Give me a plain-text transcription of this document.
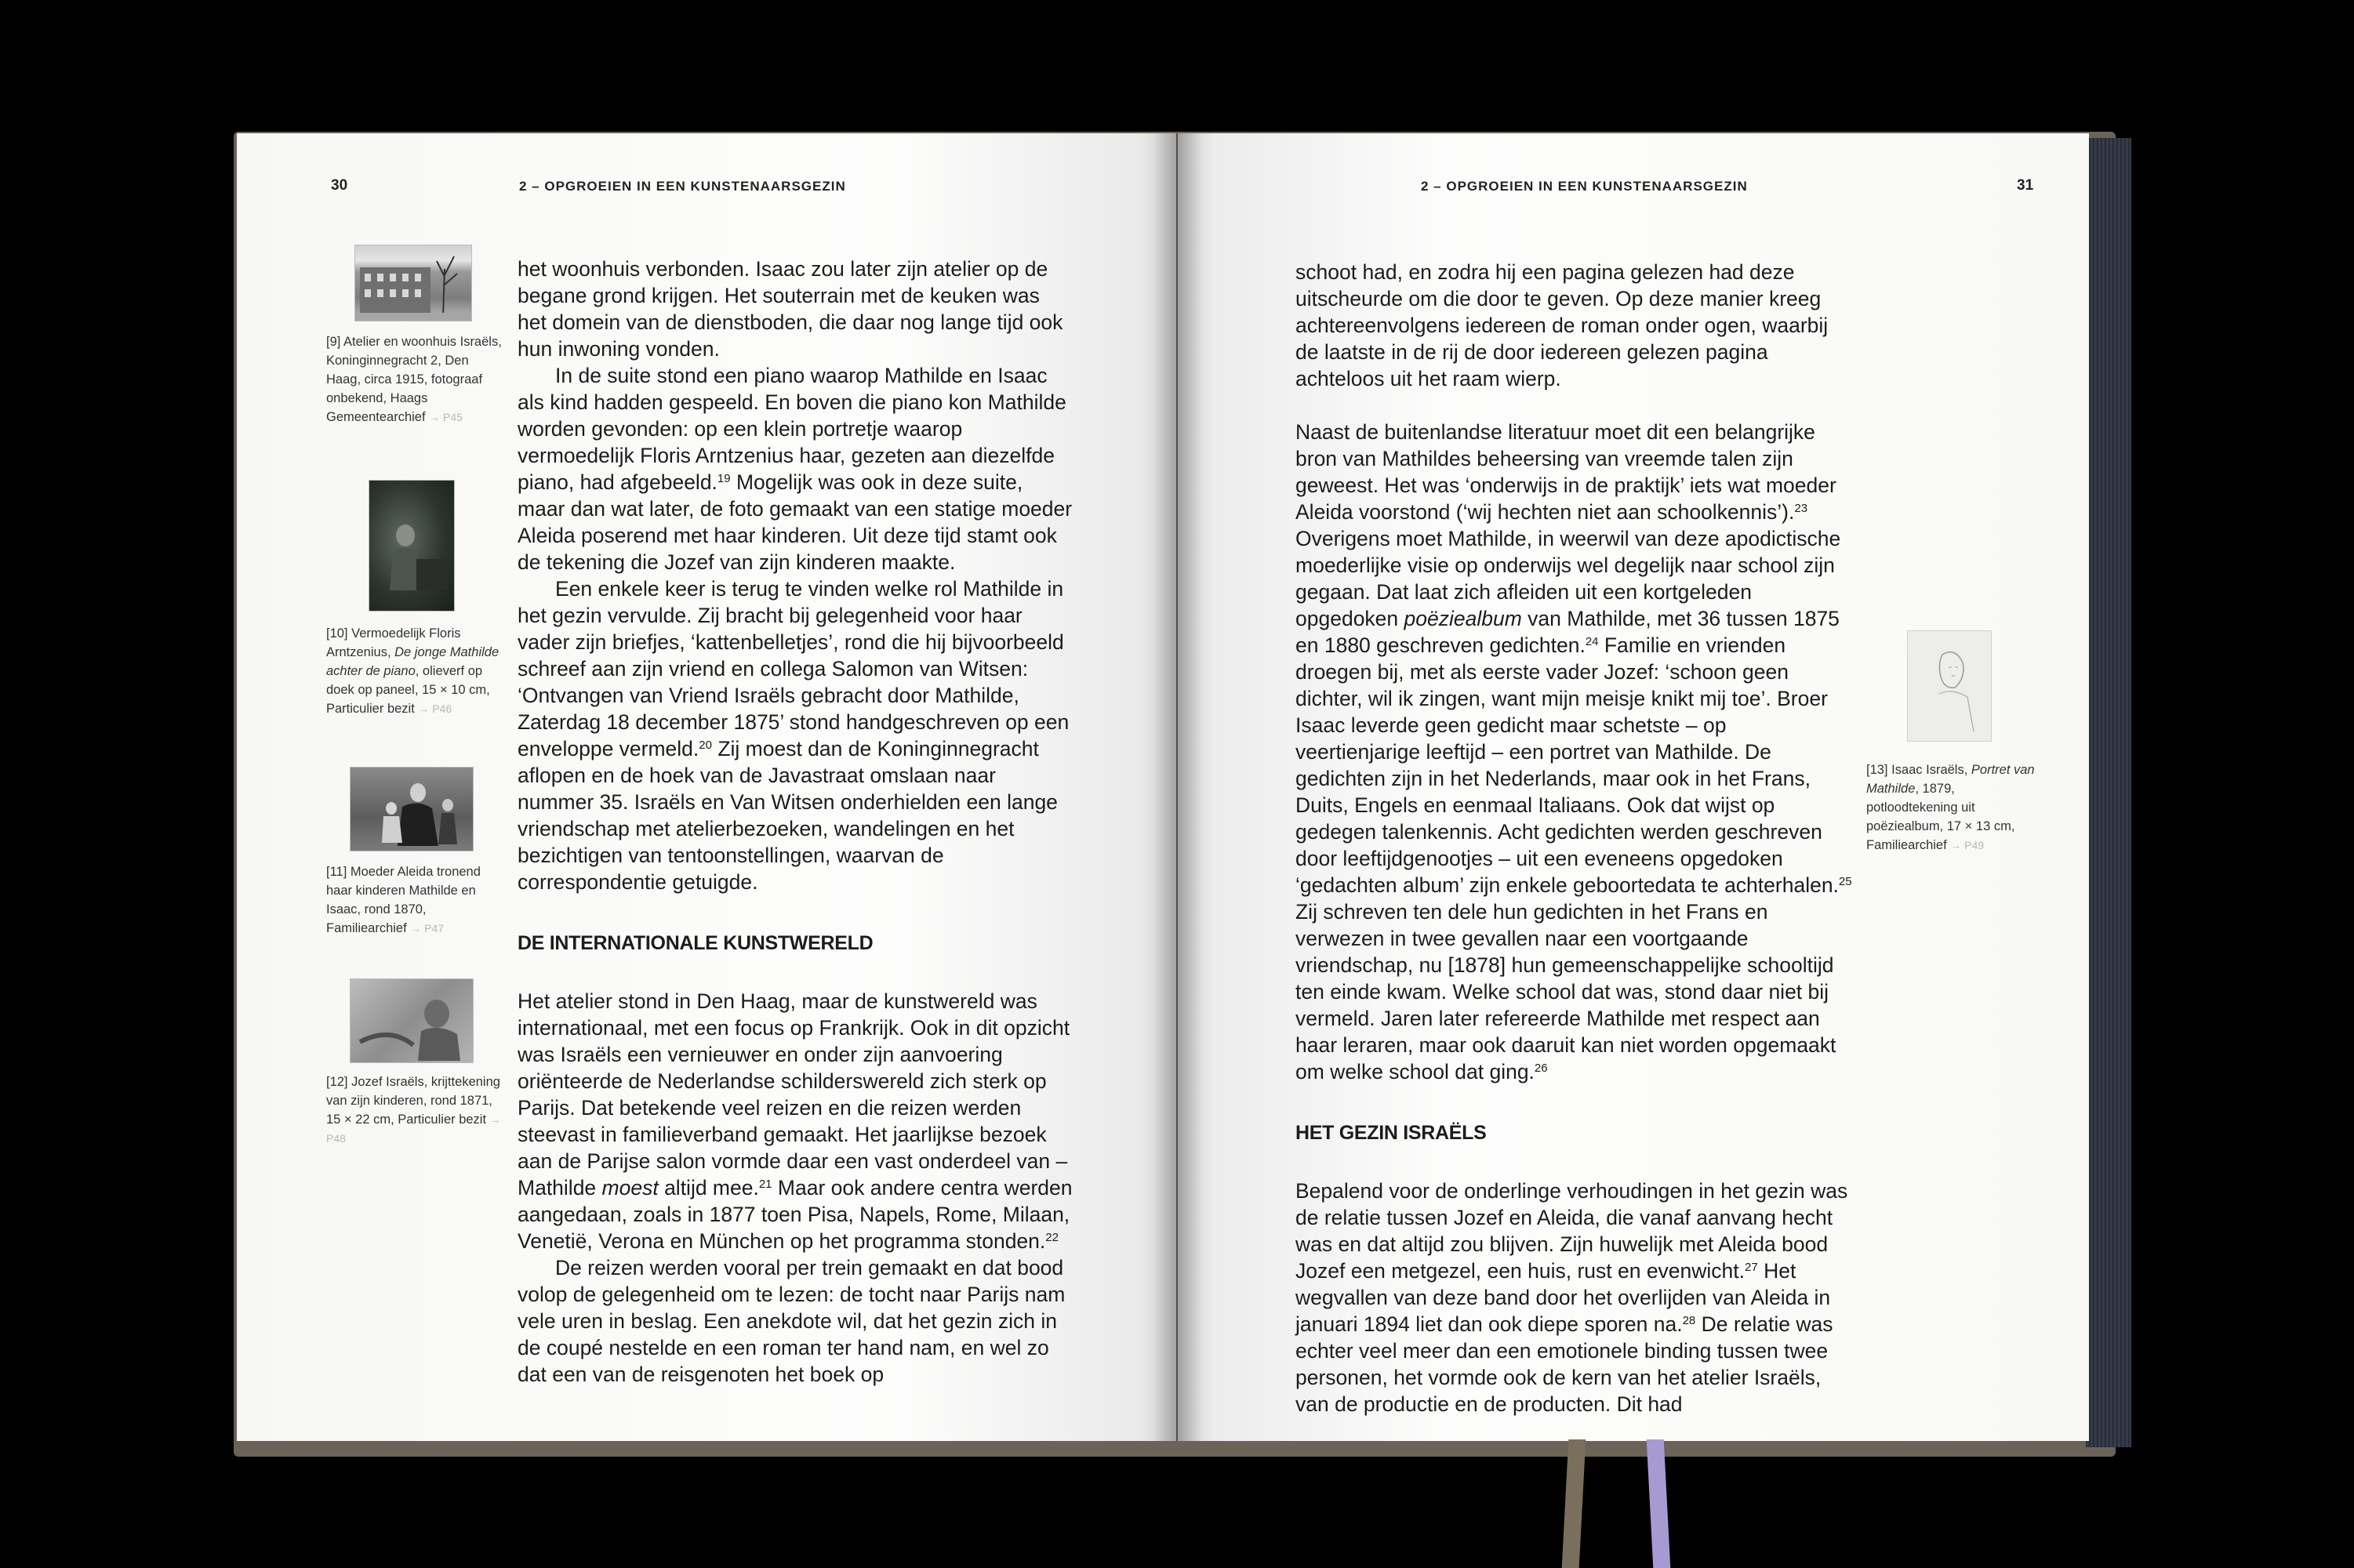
30	2 – OPGROEIEN IN EEN KUNSTENAARSGEZIN
[9] Atelier en woonhuis Israëls, Koninginnegracht 2, Den Haag, circa 1915, fotograaf onbekend, Haags Gemeentearchief → P45
[10] Vermoedelijk Floris Arntzenius, De jonge Mathilde achter de piano, olieverf op doek op paneel, 15 × 10 cm, Particulier bezit → P46
[11] Moeder Aleida tronend haar kinderen Mathilde en Isaac, rond 1870, Familiearchief → P47
[12] Jozef Israëls, krijttekening van zijn kinderen, rond 1871, 15 × 22 cm, Particulier bezit → P48

het woonhuis verbonden. Isaac zou later zijn atelier op de begane grond krijgen. Het souterrain met de keuken was het domein van de dienstboden, die daar nog lange tijd ook hun inwoning vonden.

In de suite stond een piano waarop Mathilde en Isaac als kind hadden gespeeld. En boven die piano kon Mathilde worden gevonden: op een klein portretje waarop vermoedelijk Floris Arntzenius haar, gezeten aan diezelfde piano, had afgebeeld.$^{19}$ Mogelijk was ook in deze suite, maar dan wat later, de foto gemaakt van een statige moeder Aleida poserend met haar kinderen. Uit deze tijd stamt ook de tekening die Jozef van zijn kinderen maakte.

Een enkele keer is terug te vinden welke rol Mathilde in het gezin vervulde. Zij bracht bij gelegenheid voor haar vader zijn briefjes, ‘kattenbelletjes’, rond die hij bijvoorbeeld schreef aan zijn vriend en collega Salomon van Witsen: ‘Ontvangen van Vriend Israëls gebracht door Mathilde, Zaterdag 18 december 1875’ stond handgeschreven op een enveloppe vermeld.$^{20}$ Zij moest dan de Koninginnegracht aflopen en de hoek van de Javastraat omslaan naar nummer 35. Israëls en Van Witsen onderhielden een lange vriendschap met atelierbezoeken, wandelingen en het bezichtigen van tentoonstellingen, waarvan de correspondentie getuigde.

DE INTERNATIONALE KUNSTWERELD

Het atelier stond in Den Haag, maar de kunstwereld was internationaal, met een focus op Frankrijk. Ook in dit opzicht was Israëls een vernieuwer en onder zijn aanvoering oriënteerde de Nederlandse schilderswereld zich sterk op Parijs. Dat betekende veel reizen en die reizen werden steevast in familieverband gemaakt. Het jaarlijkse bezoek aan de Parijse salon vormde daar een vast onderdeel van – Mathilde moest altijd mee.$^{21}$ Maar ook andere centra werden aangedaan, zoals in 1877 toen Pisa, Napels, Rome, Milaan, Venetië, Verona en München op het programma stonden.$^{22}$

De reizen werden vooral per trein gemaakt en dat bood volop de gelegenheid om te lezen: de tocht naar Parijs nam vele uren in beslag. Een anekdote wil, dat het gezin zich in de coupé nestelde en een roman ter hand nam, en wel zo dat een van de reisgenoten het boek op

2 – OPGROEIEN IN EEN KUNSTENAARSGEZIN	31

schoot had, en zodra hij een pagina gelezen had deze uitscheurde om die door te geven. Op deze manier kreeg achtereenvolgens iedereen de roman onder ogen, waarbij de laatste in de rij de door iedereen gelezen pagina achteloos uit het raam wierp.

Naast de buitenlandse literatuur moet dit een belangrijke bron van Mathildes beheersing van vreemde talen zijn geweest. Het was ‘onderwijs in de praktijk’ iets wat moeder Aleida voorstond (‘wij hechten niet aan schoolkennis’).$^{23}$ Overigens moet Mathilde, in weerwil van deze apodictische moederlijke visie op onderwijs wel degelijk naar school zijn gegaan. Dat laat zich afleiden uit een kortgeleden opgedoken poëziealbum van Mathilde, met 36 tussen 1875 en 1880 geschreven gedichten.$^{24}$ Familie en vrienden droegen bij, met als eerste vader Jozef: ‘schoon geen dichter, wil ik zingen, want mijn meisje knikt mij toe’. Broer Isaac leverde geen gedicht maar schetste – op veertienjarige leeftijd – een portret van Mathilde. De gedichten zijn in het Nederlands, maar ook in het Frans, Duits, Engels en eenmaal Italiaans. Ook dat wijst op gedegen talenkennis. Acht gedichten werden geschreven door leeftijdgenootjes – uit een eveneens opgedoken ‘gedachten album’ zijn enkele geboortedata te achterhalen.$^{25}$ Zij schreven ten dele hun gedichten in het Frans en verwezen in twee gevallen naar een voortgaande vriendschap, nu [1878] hun gemeenschappelijke schooltijd ten einde kwam. Welke school dat was, stond daar niet bij vermeld. Jaren later refereerde Mathilde met respect aan haar leraren, maar ook daaruit kan niet worden opgemaakt om welke school dat ging.$^{26}$

HET GEZIN ISRAËLS

Bepalend voor de onderlinge verhoudingen in het gezin was de relatie tussen Jozef en Aleida, die vanaf aanvang hecht was en dat altijd zou blijven. Zijn huwelijk met Aleida bood Jozef een metgezel, een huis, rust en evenwicht.$^{27}$ Het wegvallen van deze band door het overlijden van Aleida in januari 1894 liet dan ook diepe sporen na.$^{28}$ De relatie was echter veel meer dan een emotionele binding tussen twee personen, het vormde ook de kern van het atelier Israëls, van de productie en de producten. Dit had

[13] Isaac Israëls, Portret van Mathilde, 1879, potloodtekening uit poëziealbum, 17 × 13 cm, Familiearchief → P49
